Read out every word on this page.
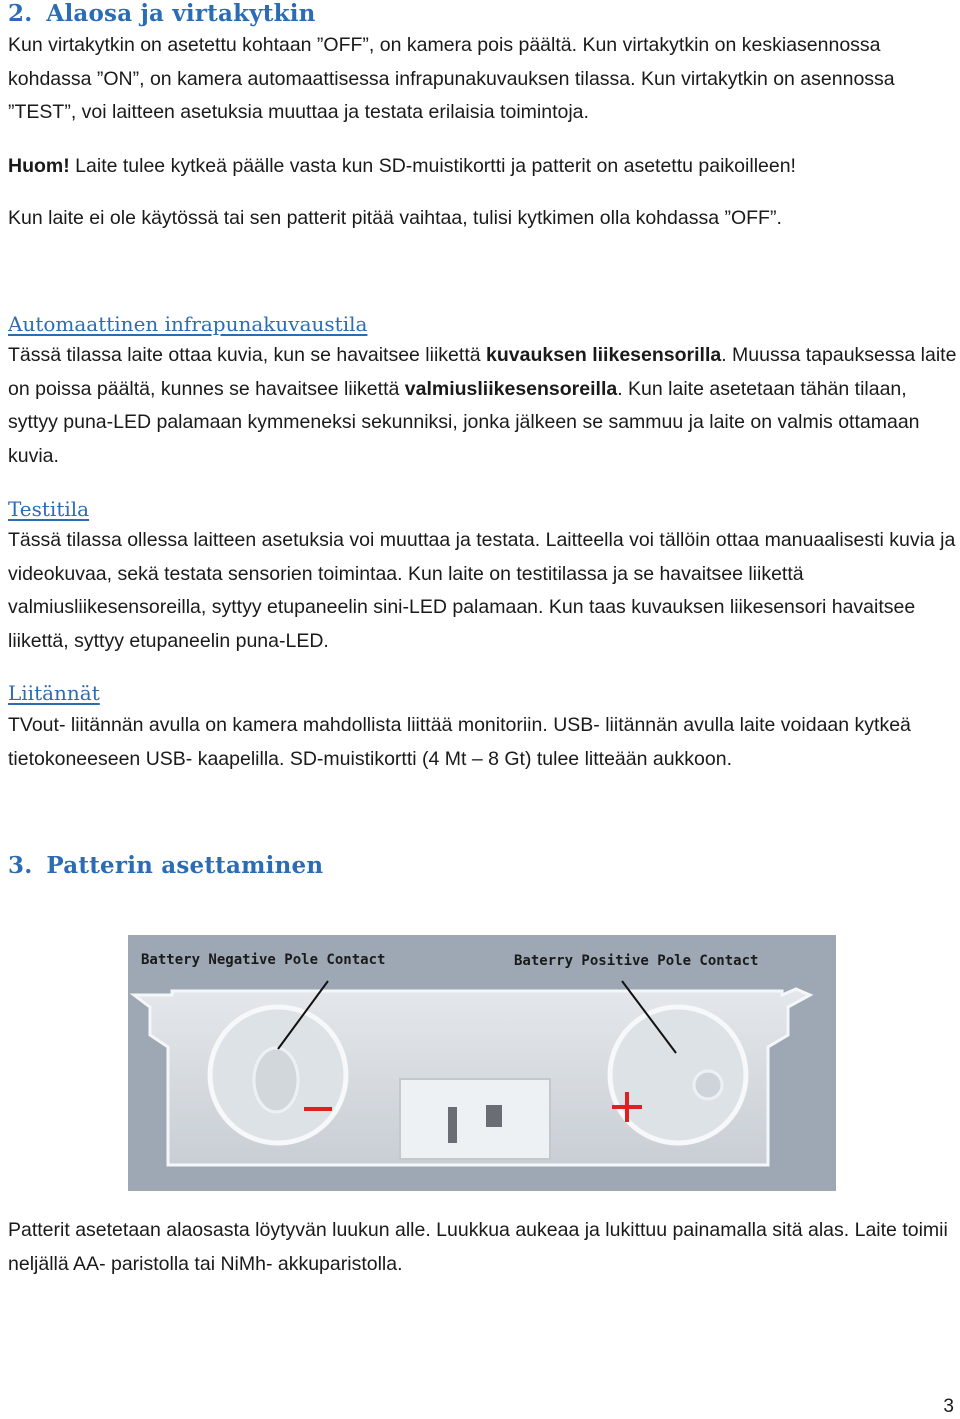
2. Alaosa ja virtakytkin

Kun virtakytkin on asetettu kohtaan ”OFF”, on kamera pois päältä. Kun virtakytkin on keskiasennossa kohdassa ”ON”, on kamera automaattisessa infrapunakuvauksen tilassa. Kun virtakytkin on asennossa ”TEST”, voi laitteen asetuksia muuttaa ja testata erilaisia toimintoja.

Huom! Laite tulee kytkeä päälle vasta kun SD-muistikortti ja patterit on asetettu paikoilleen!

Kun laite ei ole käytössä tai sen patterit pitää vaihtaa, tulisi kytkimen olla kohdassa ”OFF”.

Automaattinen infrapunakuvaustila

Tässä tilassa laite ottaa kuvia, kun se havaitsee liikettä kuvauksen liikesensorilla. Muussa tapauksessa laite on poissa päältä, kunnes se havaitsee liikettä valmiusliikesensoreilla. Kun laite asetetaan tähän tilaan, syttyy puna-LED palamaan kymmeneksi sekunniksi, jonka jälkeen se sammuu ja laite on valmis ottamaan kuvia.

Testitila

Tässä tilassa ollessa laitteen asetuksia voi muuttaa ja testata. Laitteella voi tällöin ottaa manuaalisesti kuvia ja videokuvaa, sekä testata sensorien toimintaa. Kun laite on testitilassa ja se havaitsee liikettä valmiusliikesensoreilla, syttyy etupaneelin sini-LED palamaan. Kun taas kuvauksen liikesensori havaitsee liikettä, syttyy etupaneelin puna-LED.

Liitännät

TVout- liitännän avulla on kamera mahdollista liittää monitoriin. USB- liitännän avulla laite voidaan kytkeä tietokoneeseen USB- kaapelilla. SD-muistikortti (4 Mt – 8 Gt) tulee litteään aukkoon.

3. Patterin asettaminen
Battery Negative Pole Contact	Baterry Positive Pole Contact

Patterit asetetaan alaosasta löytyvän luukun alle. Luukkua aukeaa ja lukittuu painamalla sitä alas. Laite toimii neljällä AA- paristolla tai NiMh- akkuparistolla.

3
